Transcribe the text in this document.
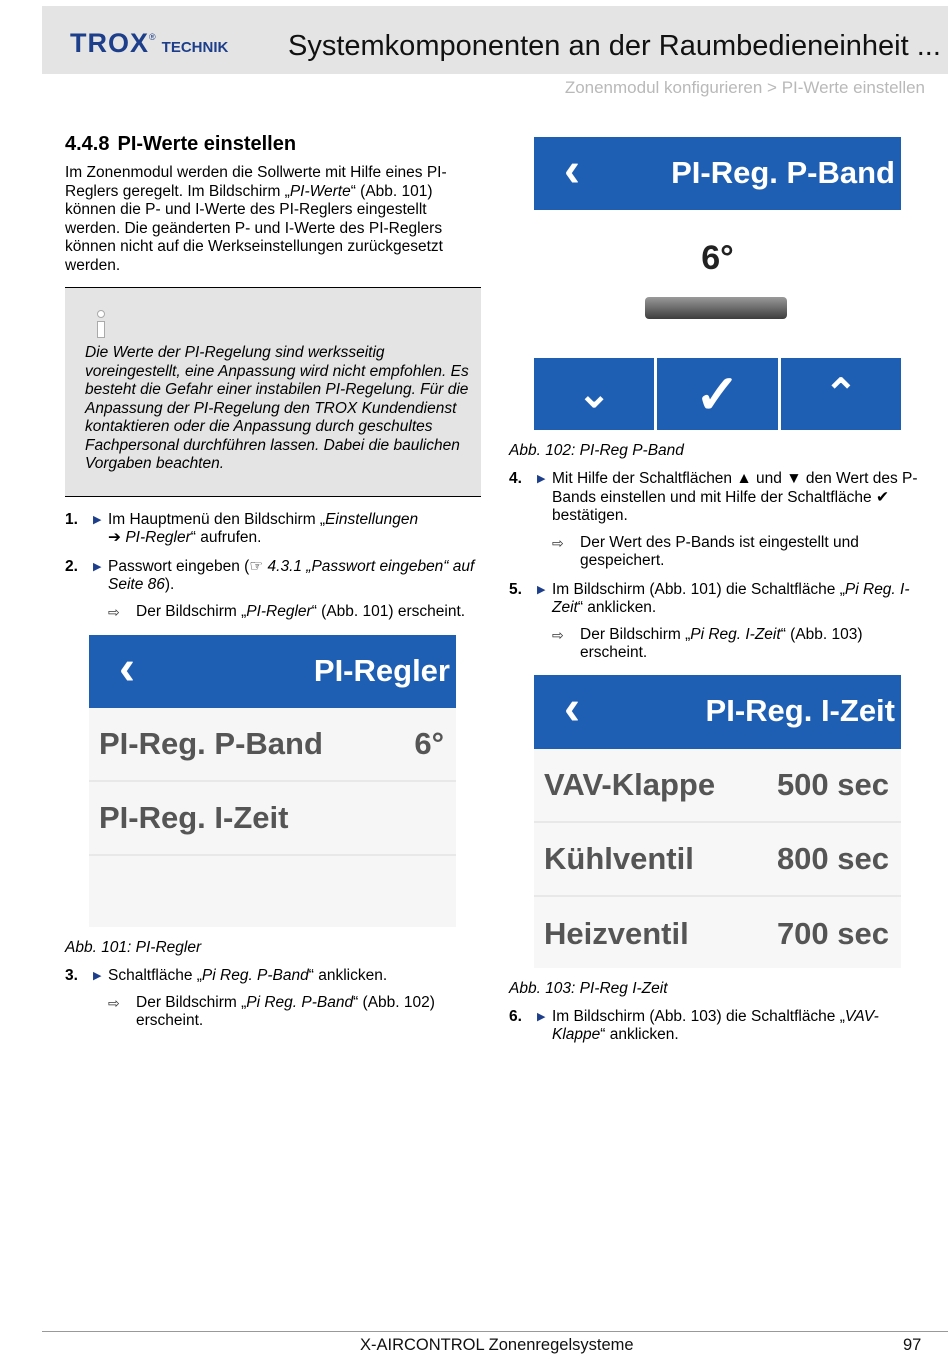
TROX ®
TECHNIK Systemkomponenten an der Raumbedieneinheit ...
Zonenmodul konfigurieren > PI-Werte einstellen
4.4.8 PI-Werte einstellen
Im Zonenmodul werden die Sollwerte mit Hilfe eines PI-Reglers geregelt. Im Bildschirm „PI-Werte“ (Abb. 101) können die P- und I-Werte des PI-Reglers eingestellt werden. Die geänderten P- und I-Werte des PI-Reglers können nicht auf die Werkseinstellungen zurückgesetzt werden.
Die Werte der PI-Regelung sind werksseitig voreingestellt, eine Anpassung wird nicht empfohlen. Es besteht die Gefahr einer instabilen PI-Regelung. Für die Anpassung der PI-Regelung den TROX Kundendienst kontaktieren oder die Anpassung durch geschultes Fachpersonal durchführen lassen. Dabei die baulichen Vorgaben beachten.
1.	▶ Im Hauptmenü den Bildschirm „Einstellungen
➔ PI-Regler“ aufrufen.
2.	▶ Passwort eingeben (☞ 4.3.1 „Passwort eingeben“ auf Seite 86).
⇨	Der Bildschirm „PI-Regler“ (Abb. 101) erscheint.
‹	PI-Regler
PI-Reg. P-Band	6°
PI-Reg. I-Zeit
Abb. 101: PI-Regler
3.	▶ Schaltfläche „Pi Reg. P-Band“ anklicken.
⇨	Der Bildschirm „Pi Reg. P-Band“ (Abb. 102) erscheint.
‹	PI-Reg. P-Band
6°
⌄ ✓ ⌃
Abb. 102: PI-Reg P-Band
4.	▶ Mit Hilfe der Schaltflächen ▲ und ▼ den Wert des P-Bands einstellen und mit Hilfe der Schaltfläche ✔ bestätigen.
⇨	Der Wert des P-Bands ist eingestellt und gespeichert.
5.	▶ Im Bildschirm (Abb. 101) die Schaltfläche „Pi Reg. I-Zeit“ anklicken.
⇨	Der Bildschirm „Pi Reg. I-Zeit“ (Abb. 103) erscheint.
‹	PI-Reg. I-Zeit
VAV-Klappe 500 sec
Kühlventil	800 sec
Heizventil	700 sec
Abb. 103: PI-Reg I-Zeit
6.	▶ Im Bildschirm (Abb. 103) die Schaltfläche „VAV-Klappe“ anklicken.
X-AIRCONTROL Zonenregelsysteme	97
